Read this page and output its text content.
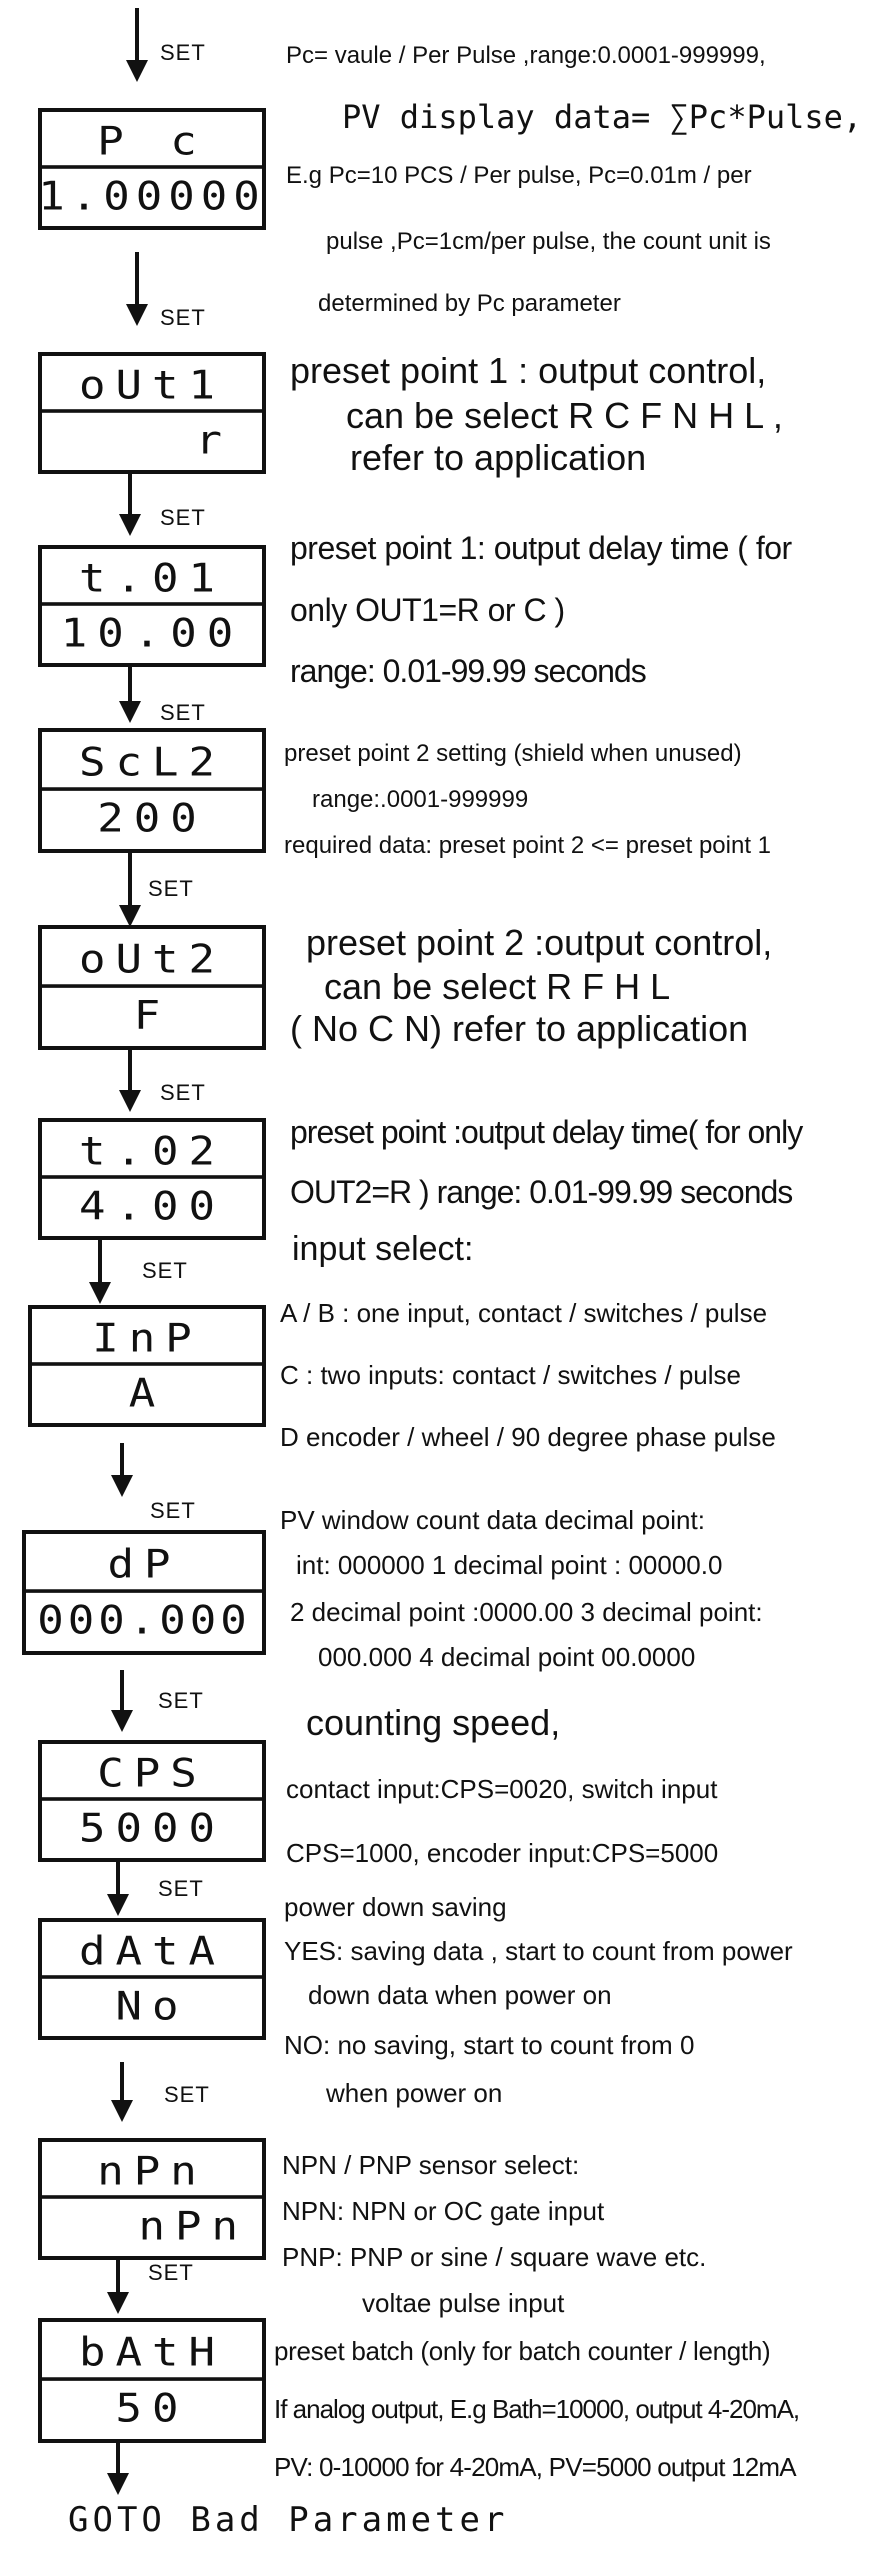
SET
P c
1.00000
SET
oUt1
r
SET
t.01
10.00
SET
ScL2
200
SET
oUt2
F
SET
t.02
4.00
SET
InP
A
SET
dP
000.000
SET
CPS
5000
SET
dAtA
No
SET
nPn
nPn
SET
bAtH
50
GOTO Bad Parameter
Pc= vaule / Per Pulse ,range:0.0001-999999,
PV display data= ∑Pc*Pulse,
E.g Pc=10 PCS / Per pulse, Pc=0.01m / per
pulse ,Pc=1cm/per pulse, the count unit is
determined by Pc parameter
preset point 1 : output control,
can be select R C F N H L ,
refer to application
preset point 1: output delay time ( for
only OUT1=R or C )
range: 0.01-99.99 seconds
preset point 2 setting (shield when unused)
range:.0001-999999
required data: preset point 2 <= preset point 1
preset point 2 :output control,
can be select R F H L
( No C N) refer to application
preset point :output delay time( for only
OUT2=R ) range: 0.01-99.99 seconds
input select:
A / B : one input, contact / switches / pulse
C : two inputs: contact / switches / pulse
D encoder / wheel / 90 degree phase pulse
PV window count data decimal point:
int: 000000 1 decimal point : 00000.0
2 decimal point :0000.00 3 decimal point:
000.000 4 decimal point 00.0000
counting speed,
contact input:CPS=0020, switch input
CPS=1000, encoder input:CPS=5000
power down saving
YES: saving data , start to count from power
down data when power on
NO: no saving, start to count from 0
when power on
NPN / PNP sensor select:
NPN: NPN or OC gate input
PNP: PNP or sine / square wave etc.
voltae pulse input
preset batch (only for batch counter / length)
If analog output, E.g Bath=10000, output 4-20mA,
PV: 0-10000 for 4-20mA, PV=5000 output 12mA
